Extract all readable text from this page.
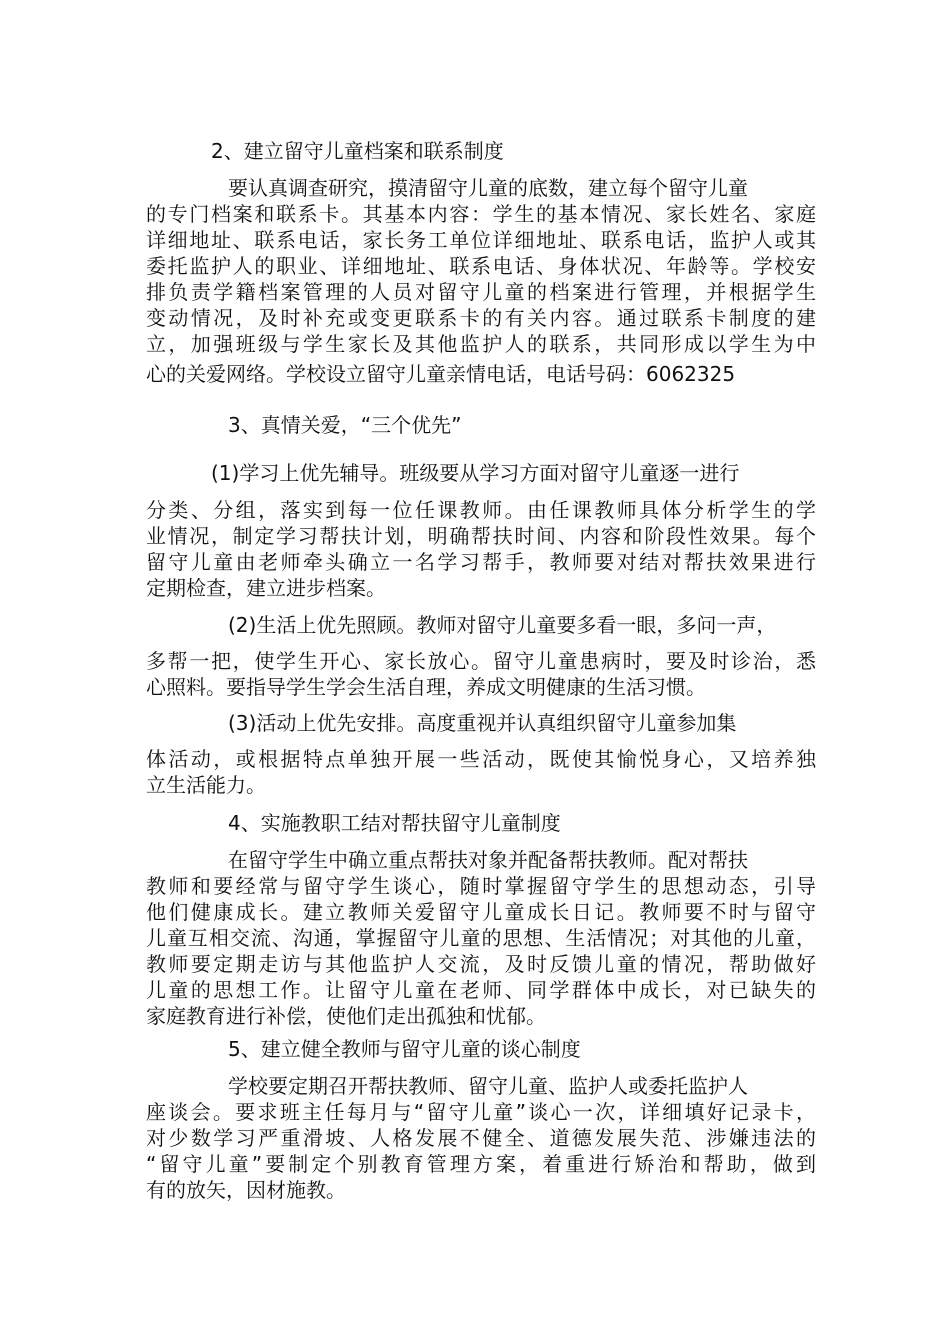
2、建立留守儿童档案和联系制度
要认真调查研究，摸清留守儿童的底数，建立每个留守儿童
的专门档案和联系卡。其基本内容：学生的基本情况、家长姓名、家庭
详细地址、联系电话，家长务工单位详细地址、联系电话，监护人或其
委托监护人的职业、详细地址、联系电话、身体状况、年龄等。学校安
排负责学籍档案管理的人员对留守儿童的档案进行管理，并根据学生
变动情况，及时补充或变更联系卡的有关内容。通过联系卡制度的建
立，加强班级与学生家长及其他监护人的联系，共同形成以学生为中
心的关爱网络。学校设立留守儿童亲情电话，电话号码：6062325
3、真情关爱，“三个优先”
(1)学习上优先辅导。班级要从学习方面对留守儿童逐一进行
分类、分组，落实到每一位任课教师。由任课教师具体分析学生的学
业情况，制定学习帮扶计划，明确帮扶时间、内容和阶段性效果。每个
留守儿童由老师牵头确立一名学习帮手，教师要对结对帮扶效果进行
定期检查，建立进步档案。
(2)生活上优先照顾。教师对留守儿童要多看一眼，多问一声，
多帮一把，使学生开心、家长放心。留守儿童患病时，要及时诊治，悉
心照料。要指导学生学会生活自理，养成文明健康的生活习惯。
(3)活动上优先安排。高度重视并认真组织留守儿童参加集
体活动，或根据特点单独开展一些活动，既使其愉悦身心，又培养独
立生活能力。
4、实施教职工结对帮扶留守儿童制度
在留守学生中确立重点帮扶对象并配备帮扶教师。配对帮扶
教师和要经常与留守学生谈心，随时掌握留守学生的思想动态，引导
他们健康成长。建立教师关爱留守儿童成长日记。教师要不时与留守
儿童互相交流、沟通，掌握留守儿童的思想、生活情况；对其他的儿童，
教师要定期走访与其他监护人交流，及时反馈儿童的情况，帮助做好
儿童的思想工作。让留守儿童在老师、同学群体中成长，对已缺失的
家庭教育进行补偿，使他们走出孤独和忧郁。
5、建立健全教师与留守儿童的谈心制度
学校要定期召开帮扶教师、留守儿童、监护人或委托监护人
座谈会。要求班主任每月与“留守儿童”谈心一次，详细填好记录卡，
对少数学习严重滑坡、人格发展不健全、道德发展失范、涉嫌违法的
“留守儿童”要制定个别教育管理方案，着重进行矫治和帮助，做到
有的放矢，因材施教。
